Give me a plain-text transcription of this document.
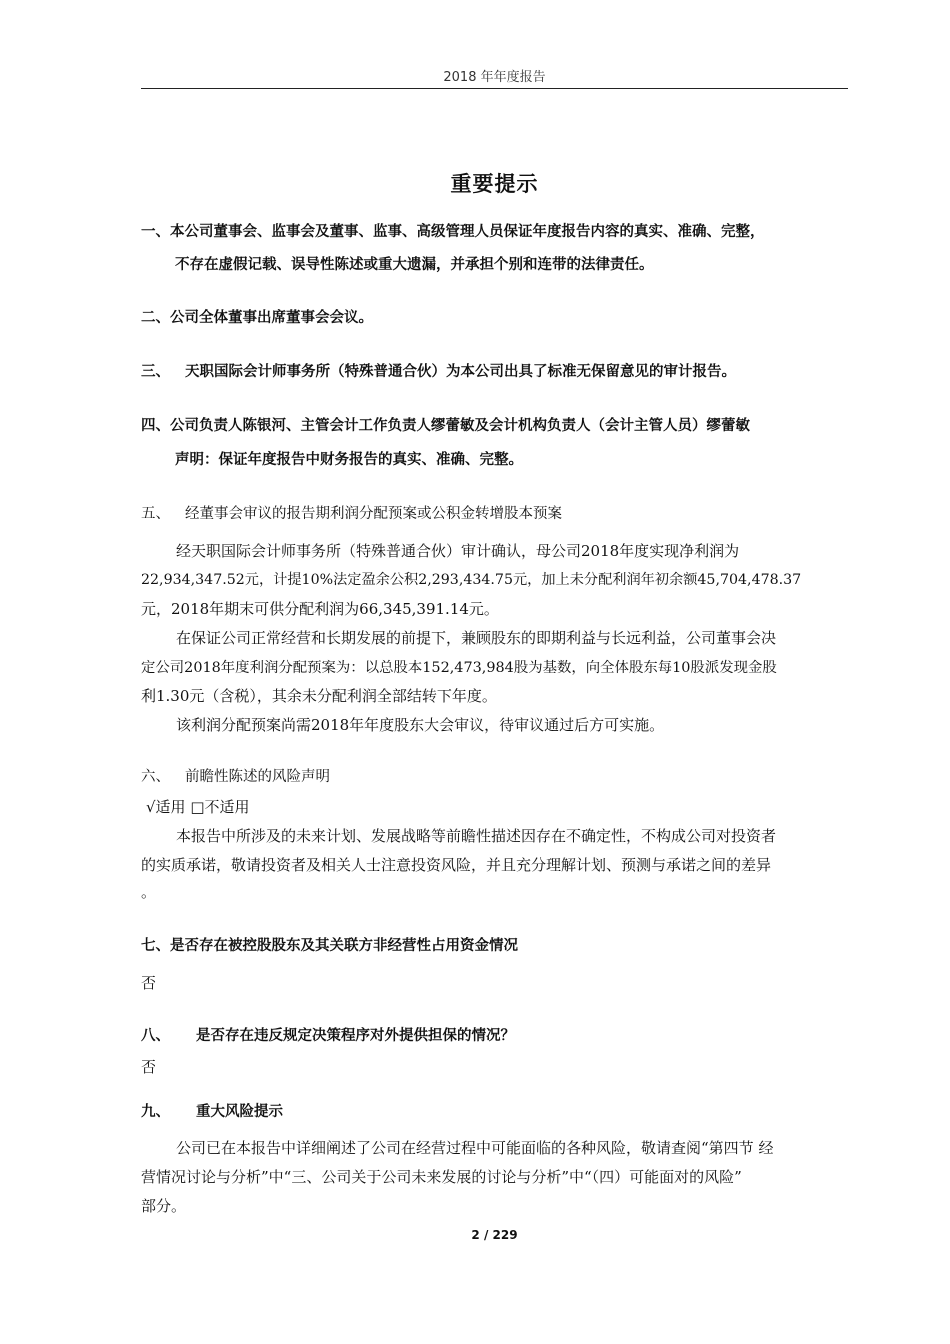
2018 年年度报告
重要提示
一、本公司董事会、监事会及董事、监事、高级管理人员保证年度报告内容的真实、准确、完整，
不存在虚假记载、误导性陈述或重大遗漏，并承担个别和连带的法律责任。
二、公司全体董事出席董事会会议。
三、 天职国际会计师事务所（特殊普通合伙）为本公司出具了标准无保留意见的审计报告。
四、公司负责人陈银河、主管会计工作负责人缪蕾敏及会计机构负责人（会计主管人员）缪蕾敏
声明：保证年度报告中财务报告的真实、准确、完整。
五、 经董事会审议的报告期利润分配预案或公积金转增股本预案
经天职国际会计师事务所（特殊普通合伙）审计确认，母公司2018年度实现净利润为
22,934,347.52元，计提10%法定盈余公积2,293,434.75元，加上未分配利润年初余额45,704,478.37
元，2018年期末可供分配利润为66,345,391.14元。
在保证公司正常经营和长期发展的前提下，兼顾股东的即期利益与长远利益，公司董事会决
定公司2018年度利润分配预案为：以总股本152,473,984股为基数，向全体股东每10股派发现金股
利1.30元（含税），其余未分配利润全部结转下年度。
该利润分配预案尚需2018年年度股东大会审议，待审议通过后方可实施。
六、 前瞻性陈述的风险声明
√适用 □不适用
本报告中所涉及的未来计划、发展战略等前瞻性描述因存在不确定性，不构成公司对投资者
的实质承诺，敬请投资者及相关人士注意投资风险，并且充分理解计划、预测与承诺之间的差异
。
七、是否存在被控股股东及其关联方非经营性占用资金情况
否
八、 是否存在违反规定决策程序对外提供担保的情况？
否
九、 重大风险提示
公司已在本报告中详细阐述了公司在经营过程中可能面临的各种风险，敬请查阅“第四节 经
营情况讨论与分析”中“三、公司关于公司未来发展的讨论与分析”中“（四）可能面对的风险”
部分。
2 / 229
